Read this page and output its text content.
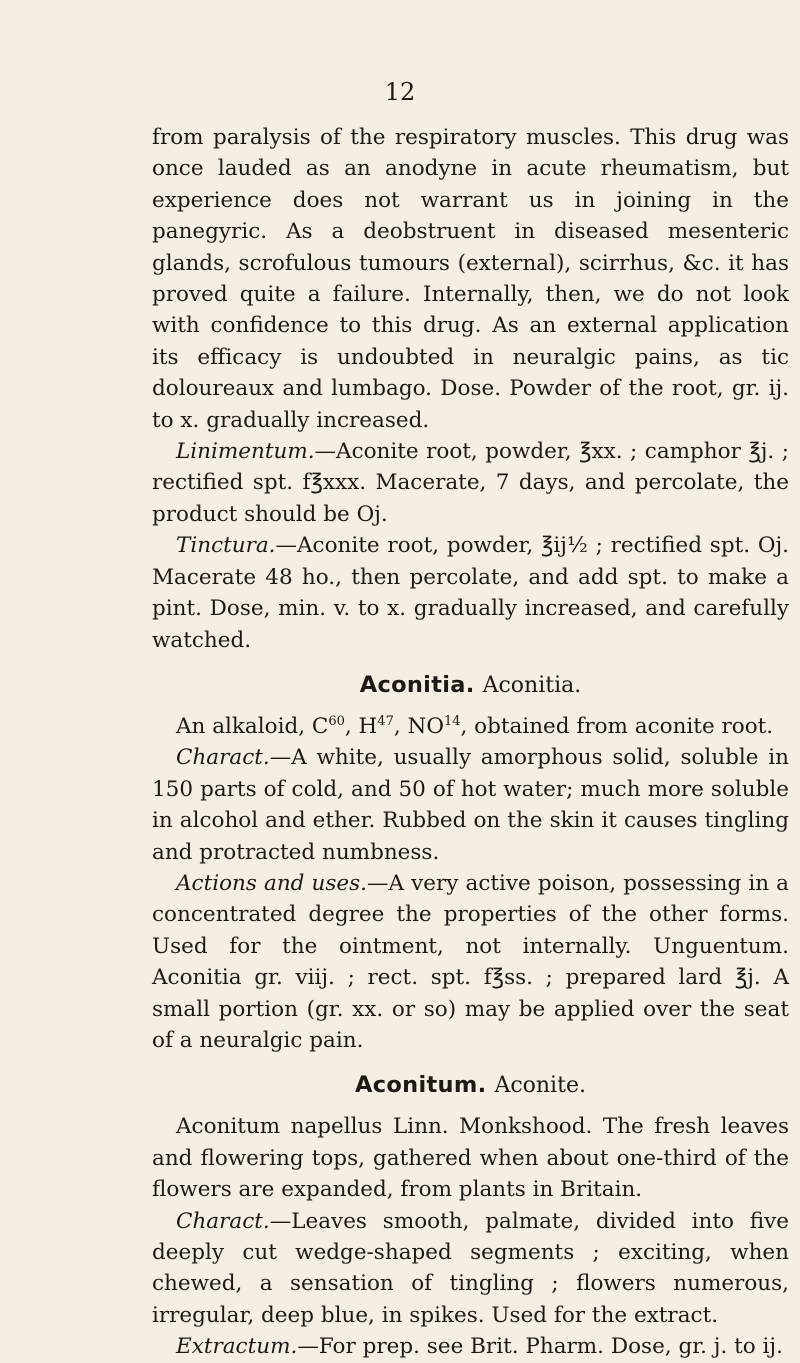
12

from paralysis of the respiratory muscles. This drug was once lauded as an anodyne in acute rheumatism, but experience does not warrant us in joining in the panegyric. As a deobstruent in diseased mesenteric glands, scrofulous tumours (external), scirrhus, &c. it has proved quite a failure. Internally, then, we do not look with confidence to this drug. As an external application its efficacy is undoubted in neuralgic pains, as tic doloureaux and lumbago. Dose. Powder of the root, gr. ij. to x. gradually increased.

Linimentum.—Aconite root, powder, ℥xx. ; camphor ℥j. ; rectified spt. f℥xxx. Macerate, 7 days, and percolate, the product should be Oj.

Tinctura.—Aconite root, powder, ℥ij½ ; rectified spt. Oj. Macerate 48 ho., then percolate, and add spt. to make a pint. Dose, min. v. to x. gradually increased, and carefully watched.

Aconitia. Aconitia.

An alkaloid, $C^{60}$, $H^{47}$, NO$^{14}$, obtained from aconite root.

Charact.—A white, usually amorphous solid, soluble in 150 parts of cold, and 50 of hot water; much more soluble in alcohol and ether. Rubbed on the skin it causes tingling and protracted numbness.

Actions and uses.—A very active poison, possessing in a concentrated degree the properties of the other forms. Used for the ointment, not internally. Unguentum. Aconitia gr. viij. ; rect. spt. f℥ss. ; prepared lard ℥j. A small portion (gr. xx. or so) may be applied over the seat of a neuralgic pain.

Aconitum. Aconite.

Aconitum napellus Linn. Monkshood. The fresh leaves and flowering tops, gathered when about one-third of the flowers are expanded, from plants in Britain.

Charact.—Leaves smooth, palmate, divided into five deeply cut wedge-shaped segments ; exciting, when chewed, a sensation of tingling ; flowers numerous, irregular, deep blue, in spikes. Used for the extract.

Extractum.—For prep. see Brit. Pharm. Dose, gr. j. to ij.
